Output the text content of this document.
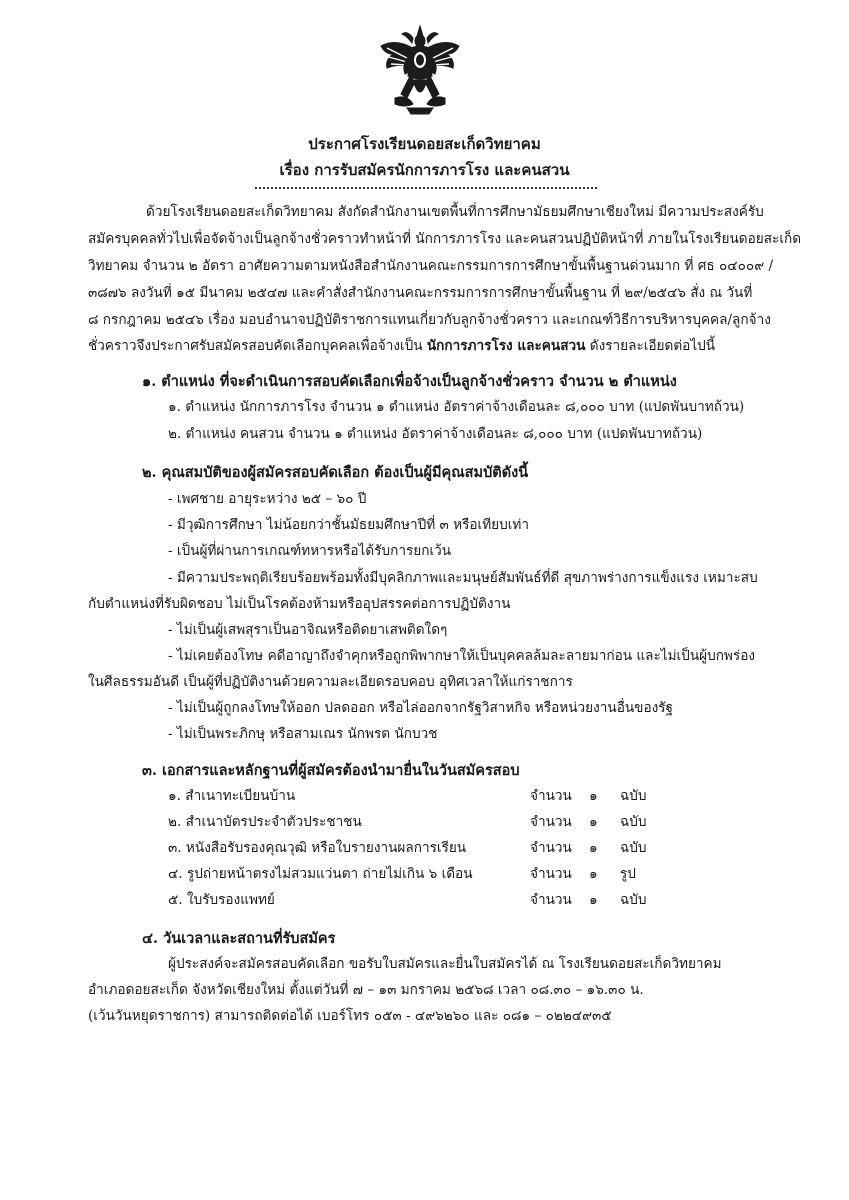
ประกาศโรงเรียนดอยสะเก็ดวิทยาคม
เรื่อง การรับสมัครนักการภารโรง และคนสวน
ด้วยโรงเรียนดอยสะเก็ดวิทยาคม สังกัดสำนักงานเขตพื้นที่การศึกษามัธยมศึกษาเชียงใหม่ มีความประสงค์รับ
สมัครบุคคลทั่วไปเพื่อจัดจ้างเป็นลูกจ้างชั่วคราวทำหน้าที่ นักการภารโรง และคนสวนปฏิบัติหน้าที่ ภายในโรงเรียนดอยสะเก็ด
วิทยาคม จำนวน ๒ อัตรา อาศัยความตามหนังสือสำนักงานคณะกรรมการการศึกษาขั้นพื้นฐานด่วนมาก ที่ ศธ ๐๔๐๐๙ /
๓๘๗๖ ลงวันที่ ๑๕ มีนาคม ๒๕๔๗ และคำสั่งสำนักงานคณะกรรมการการศึกษาขั้นพื้นฐาน ที่ ๒๙/๒๕๔๖ สั่ง ณ วันที่
๘ กรกฎาคม ๒๕๔๖ เรื่อง มอบอำนาจปฏิบัติราชการแทนเกี่ยวกับลูกจ้างชั่วคราว และเกณฑ์วิธีการบริหารบุคคล/ลูกจ้าง
ชั่วคราวจึงประกาศรับสมัครสอบคัดเลือกบุคคลเพื่อจ้างเป็น นักการภารโรง และคนสวน ดังรายละเอียดต่อไปนี้
๑. ตำแหน่ง ที่จะดำเนินการสอบคัดเลือกเพื่อจ้างเป็นลูกจ้างชั่วคราว จำนวน ๒ ตำแหน่ง
๑. ตำแหน่ง นักการภารโรง จำนวน ๑ ตำแหน่ง อัตราค่าจ้างเดือนละ ๘,๐๐๐ บาท (แปดพันบาทถ้วน)
๒. ตำแหน่ง คนสวน จำนวน ๑ ตำแหน่ง อัตราค่าจ้างเดือนละ ๘,๐๐๐ บาท (แปดพันบาทถ้วน)
๒. คุณสมบัติของผู้สมัครสอบคัดเลือก ต้องเป็นผู้มีคุณสมบัติดังนี้
- เพศชาย อายุระหว่าง ๒๕ – ๖๐ ปี
- มีวุฒิการศึกษา ไม่น้อยกว่าชั้นมัธยมศึกษาปีที่ ๓ หรือเทียบเท่า
- เป็นผู้ที่ผ่านการเกณฑ์ทหารหรือได้รับการยกเว้น
- มีความประพฤติเรียบร้อยพร้อมทั้งมีบุคลิกภาพและมนุษย์สัมพันธ์ที่ดี สุขภาพร่างการแข็งแรง เหมาะสบ
กับตำแหน่งที่รับผิดชอบ ไม่เป็นโรคต้องห้ามหรืออุปสรรคต่อการปฏิบัติงาน
- ไม่เป็นผู้เสพสุราเป็นอาจิณหรือติดยาเสพติดใดๆ
- ไม่เคยต้องโทษ คดีอาญาถึงจำคุกหรือถูกพิพากษาให้เป็นบุคคลล้มละลายมาก่อน และไม่เป็นผู้บกพร่อง
ในศีลธรรมอันดี เป็นผู้ที่ปฏิบัติงานด้วยความละเอียดรอบคอบ อุทิศเวลาให้แก่ราชการ
- ไม่เป็นผู้ถูกลงโทษให้ออก ปลดออก หรือไล่ออกจากรัฐวิสาหกิจ หรือหน่วยงานอื่นของรัฐ
- ไม่เป็นพระภิกษุ หรือสามเณร นักพรต นักบวช
๓. เอกสารและหลักฐานที่ผู้สมัครต้องนำมายื่นในวันสมัครสอบ
๑. สำเนาทะเบียนบ้าน	จำนวน ๑ ฉบับ
๒. สำเนาบัตรประจำตัวประชาชน	จำนวน ๑ ฉบับ
๓. หนังสือรับรองคุณวุฒิ หรือใบรายงานผลการเรียน	จำนวน ๑ ฉบับ
๔. รูปถ่ายหน้าตรงไม่สวมแว่นตา ถ่ายไม่เกิน ๖ เดือน	จำนวน ๑ รูป
๕. ใบรับรองแพทย์	จำนวน ๑ ฉบับ
๔. วันเวลาและสถานที่รับสมัคร
ผู้ประสงค์จะสมัครสอบคัดเลือก ขอรับใบสมัครและยื่นใบสมัครได้ ณ โรงเรียนดอยสะเก็ดวิทยาคม
อำเภอดอยสะเก็ด จังหวัดเชียงใหม่ ตั้งแต่วันที่ ๗ – ๑๓ มกราคม ๒๕๖๘ เวลา ๐๘.๓๐ – ๑๖.๓๐ น.
(เว้นวันหยุดราชการ) สามารถติดต่อได้ เบอร์โทร ๐๕๓ - ๔๙๖๒๖๐ และ ๐๘๑ – ๐๒๒๔๙๓๕
